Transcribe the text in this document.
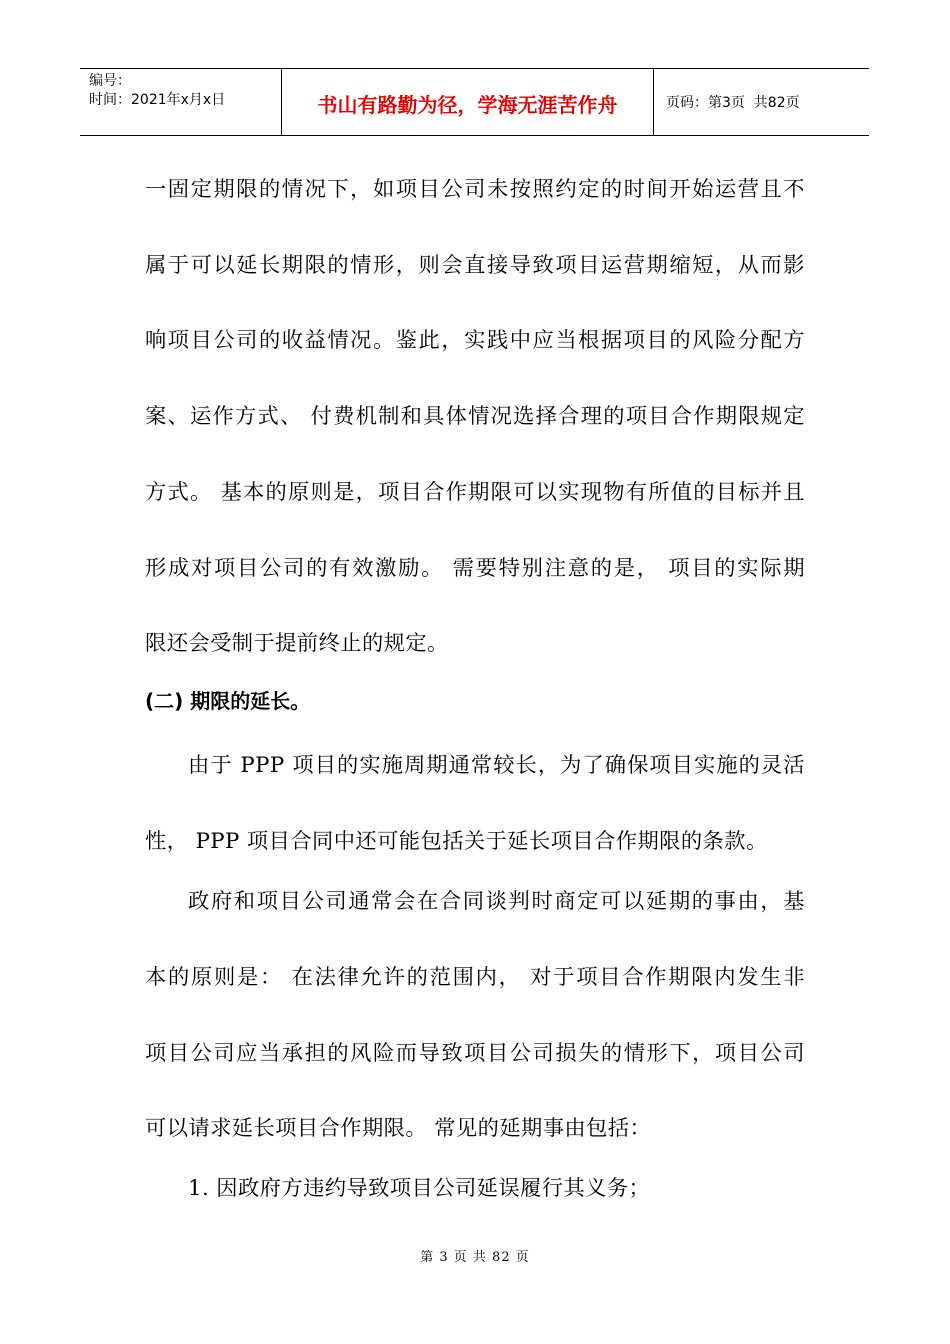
编号：
时间：2021年x月x日	书山有路勤为径，学海无涯苦作舟	页码：第3页  共82页
一固定期限的情况下，如项目公司未按照约定的时间开始运营且不
属于可以延长期限的情形，则会直接导致项目运营期缩短，从而影
响项目公司的收益情况。鉴此，实践中应当根据项目的风险分配方
案、运作方式、 付费机制和具体情况选择合理的项目合作期限规定
方式。 基本的原则是，项目合作期限可以实现物有所值的目标并且
形成对项目公司的有效激励。 需要特别注意的是， 项目的实际期
限还会受制于提前终止的规定。
(二) 期限的延长。
由于 PPP 项目的实施周期通常较长，为了确保项目实施的灵活
性， PPP 项目合同中还可能包括关于延长项目合作期限的条款。
政府和项目公司通常会在合同谈判时商定可以延期的事由，基
本的原则是： 在法律允许的范围内， 对于项目合作期限内发生非
项目公司应当承担的风险而导致项目公司损失的情形下，项目公司
可以请求延长项目合作期限。 常见的延期事由包括：
1. 因政府方违约导致项目公司延误履行其义务；
第 3 页 共 82 页
